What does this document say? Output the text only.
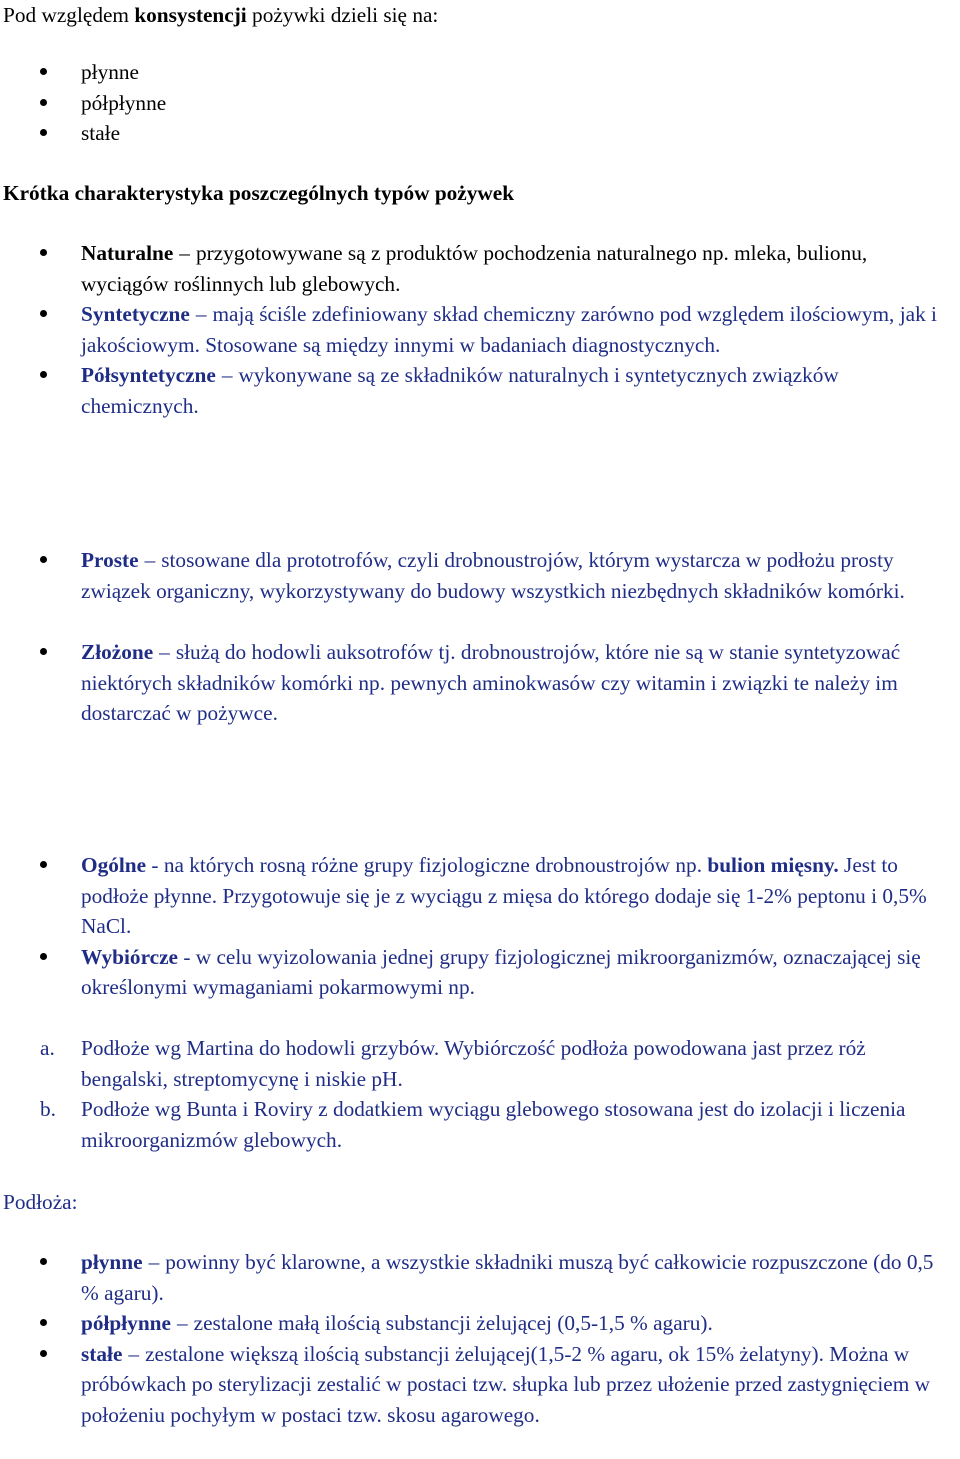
Pod względem konsystencji pożywki dzieli się na:

płynne
półpłynne
stałe

Krótka charakterystyka poszczególnych typów pożywek

Naturalne – przygotowywane są z produktów pochodzenia naturalnego np. mleka, bulionu, wyciągów roślinnych lub glebowych.
Syntetyczne – mają ściśle zdefiniowany skład chemiczny zarówno pod względem ilościowym, jak i jakościowym. Stosowane są między innymi w badaniach diagnostycznych.
Półsyntetyczne – wykonywane są ze składników naturalnych i syntetycznych związków chemicznych.
Proste – stosowane dla prototrofów, czyli drobnoustrojów, którym wystarcza w podłożu prosty związek organiczny, wykorzystywany do budowy wszystkich niezbędnych składników komórki.
Złożone – służą do hodowli auksotrofów tj. drobnoustrojów, które nie są w stanie syntetyzować niektórych składników komórki np. pewnych aminokwasów czy witamin i związki te należy im dostarczać w pożywce.
Ogólne - na których rosną różne grupy fizjologiczne drobnoustrojów np. bulion mięsny. Jest to podłoże płynne. Przygotowuje się je z wyciągu z mięsa do którego dodaje się 1-2% peptonu i 0,5% NaCl.
Wybiórcze - w celu wyizolowania jednej grupy fizjologicznej mikroorganizmów, oznaczającej się określonymi wymaganiami pokarmowymi np.
a. Podłoże wg Martina do hodowli grzybów. Wybiórczość podłoża powodowana jast przez róż bengalski, streptomycynę i niskie pH.
b. Podłoże wg Bunta i Roviry z dodatkiem wyciągu glebowego stosowana jest do izolacji i liczenia mikroorganizmów glebowych.

Podłoża:

płynne – powinny być klarowne, a wszystkie składniki muszą być całkowicie rozpuszczone (do 0,5 % agaru).
półpłynne – zestalone małą ilością substancji żelującej (0,5-1,5 % agaru).
stałe – zestalone większą ilością substancji żelującej(1,5-2 % agaru, ok 15% żelatyny). Można w próbówkach po sterylizacji zestalić w postaci tzw. słupka lub przez ułożenie przed zastygnięciem w położeniu pochyłym w postaci tzw. skosu agarowego.
